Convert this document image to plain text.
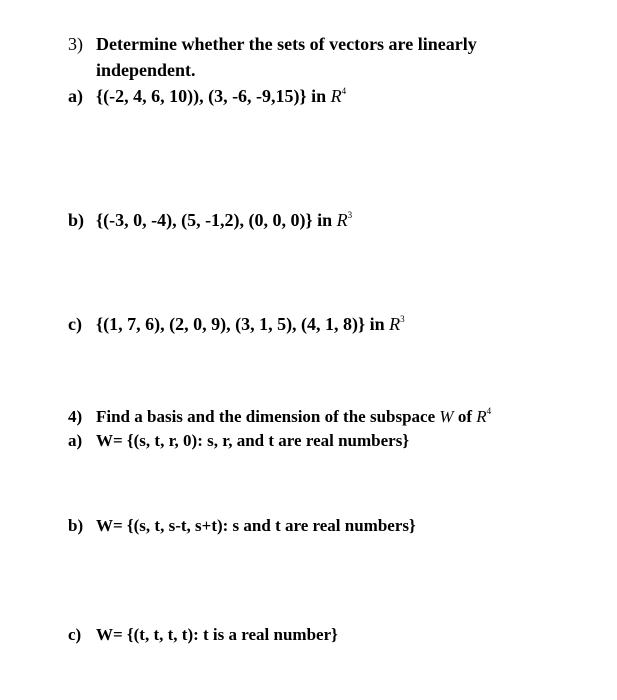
3) Determine whether the sets of vectors are linearly
independent.
a) {(-2, 4, 6, 10)), (3, -6, -9,15)} in $R^4$
b) {(-3, 0, -4), (5, -1,2), (0, 0, 0)} in $R^3$
c) {(1, 7, 6), (2, 0, 9), (3, 1, 5), (4, 1, 8)} in $R^3$
4) Find a basis and the dimension of the subspace W of $R^4$
a) W= {(s, t, r, 0): s, r, and t are real numbers}
b) W= {(s, t, s-t, s+t): s and t are real numbers}
c) W= {(t, t, t, t): t is a real number}
